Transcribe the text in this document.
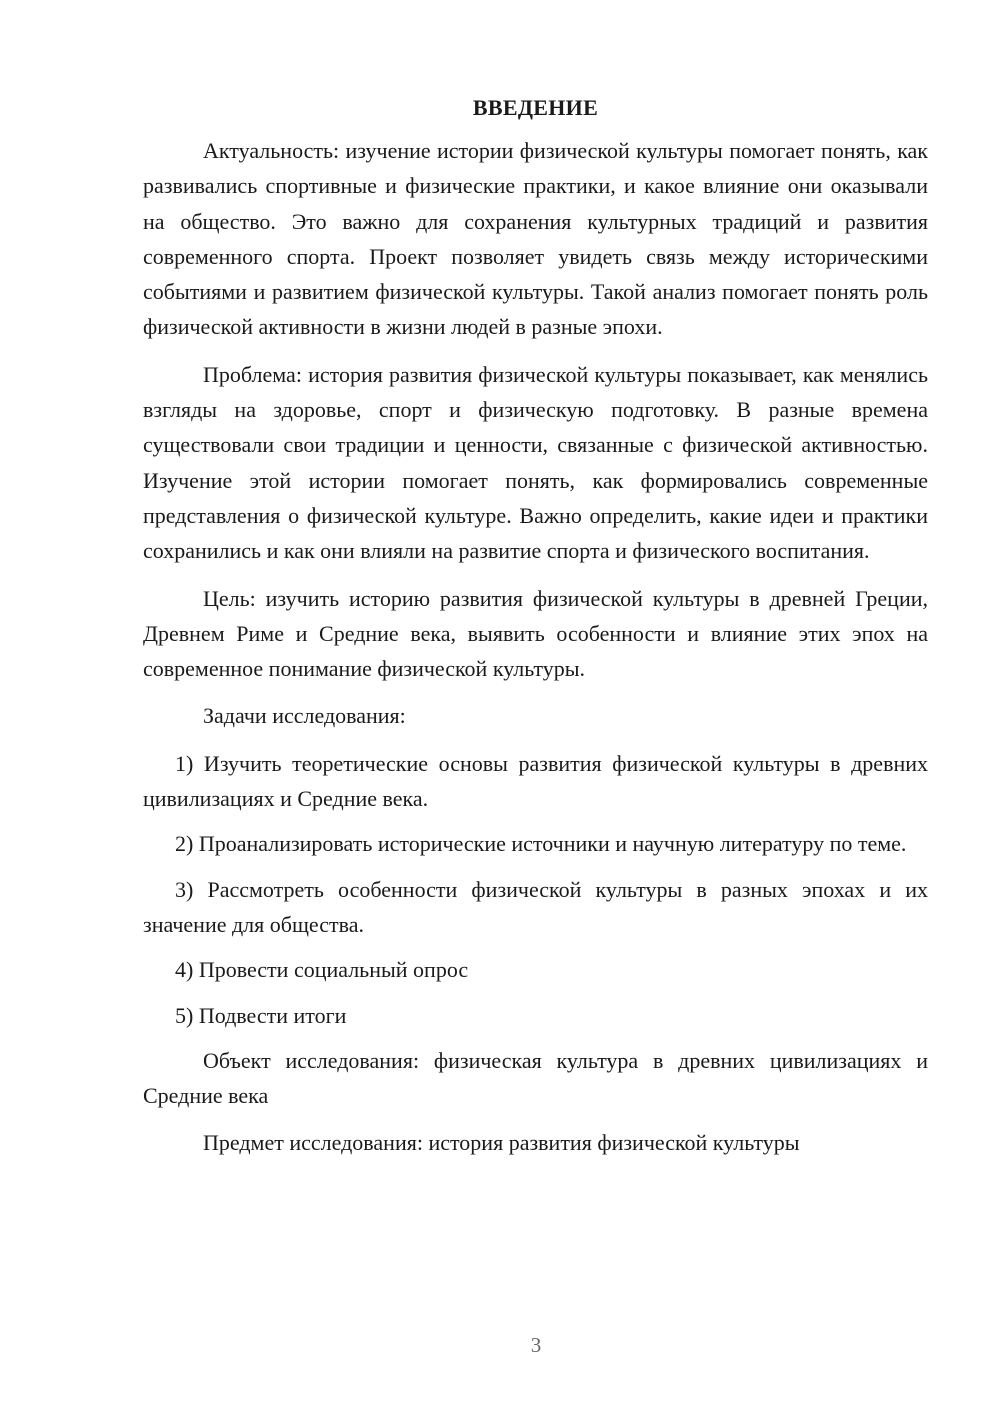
ВВЕДЕНИЕ

Актуальность: изучение истории физической культуры помогает понять, как развивались спортивные и физические практики, и какое влияние они оказывали на общество. Это важно для сохранения культурных традиций и развития современного спорта. Проект позволяет увидеть связь между историческими событиями и развитием физической культуры. Такой анализ помогает понять роль физической активности в жизни людей в разные эпохи.

Проблема: история развития физической культуры показывает, как менялись взгляды на здоровье, спорт и физическую подготовку. В разные времена существовали свои традиции и ценности, связанные с физической активностью. Изучение этой истории помогает понять, как формировались современные представления о физической культуре. Важно определить, какие идеи и практики сохранились и как они влияли на развитие спорта и физического воспитания.

Цель: изучить историю развития физической культуры в древней Греции, Древнем Риме и Средние века, выявить особенности и влияние этих эпох на современное понимание физической культуры.

Задачи исследования:

1) Изучить теоретические основы развития физической культуры в древних цивилизациях и Средние века.

2) Проанализировать исторические источники и научную литературу по теме.

3) Рассмотреть особенности физической культуры в разных эпохах и их значение для общества.

4) Провести социальный опрос

5) Подвести итоги

Объект исследования: физическая культура в древних цивилизациях и Средние века

Предмет исследования: история развития физической культуры

3
